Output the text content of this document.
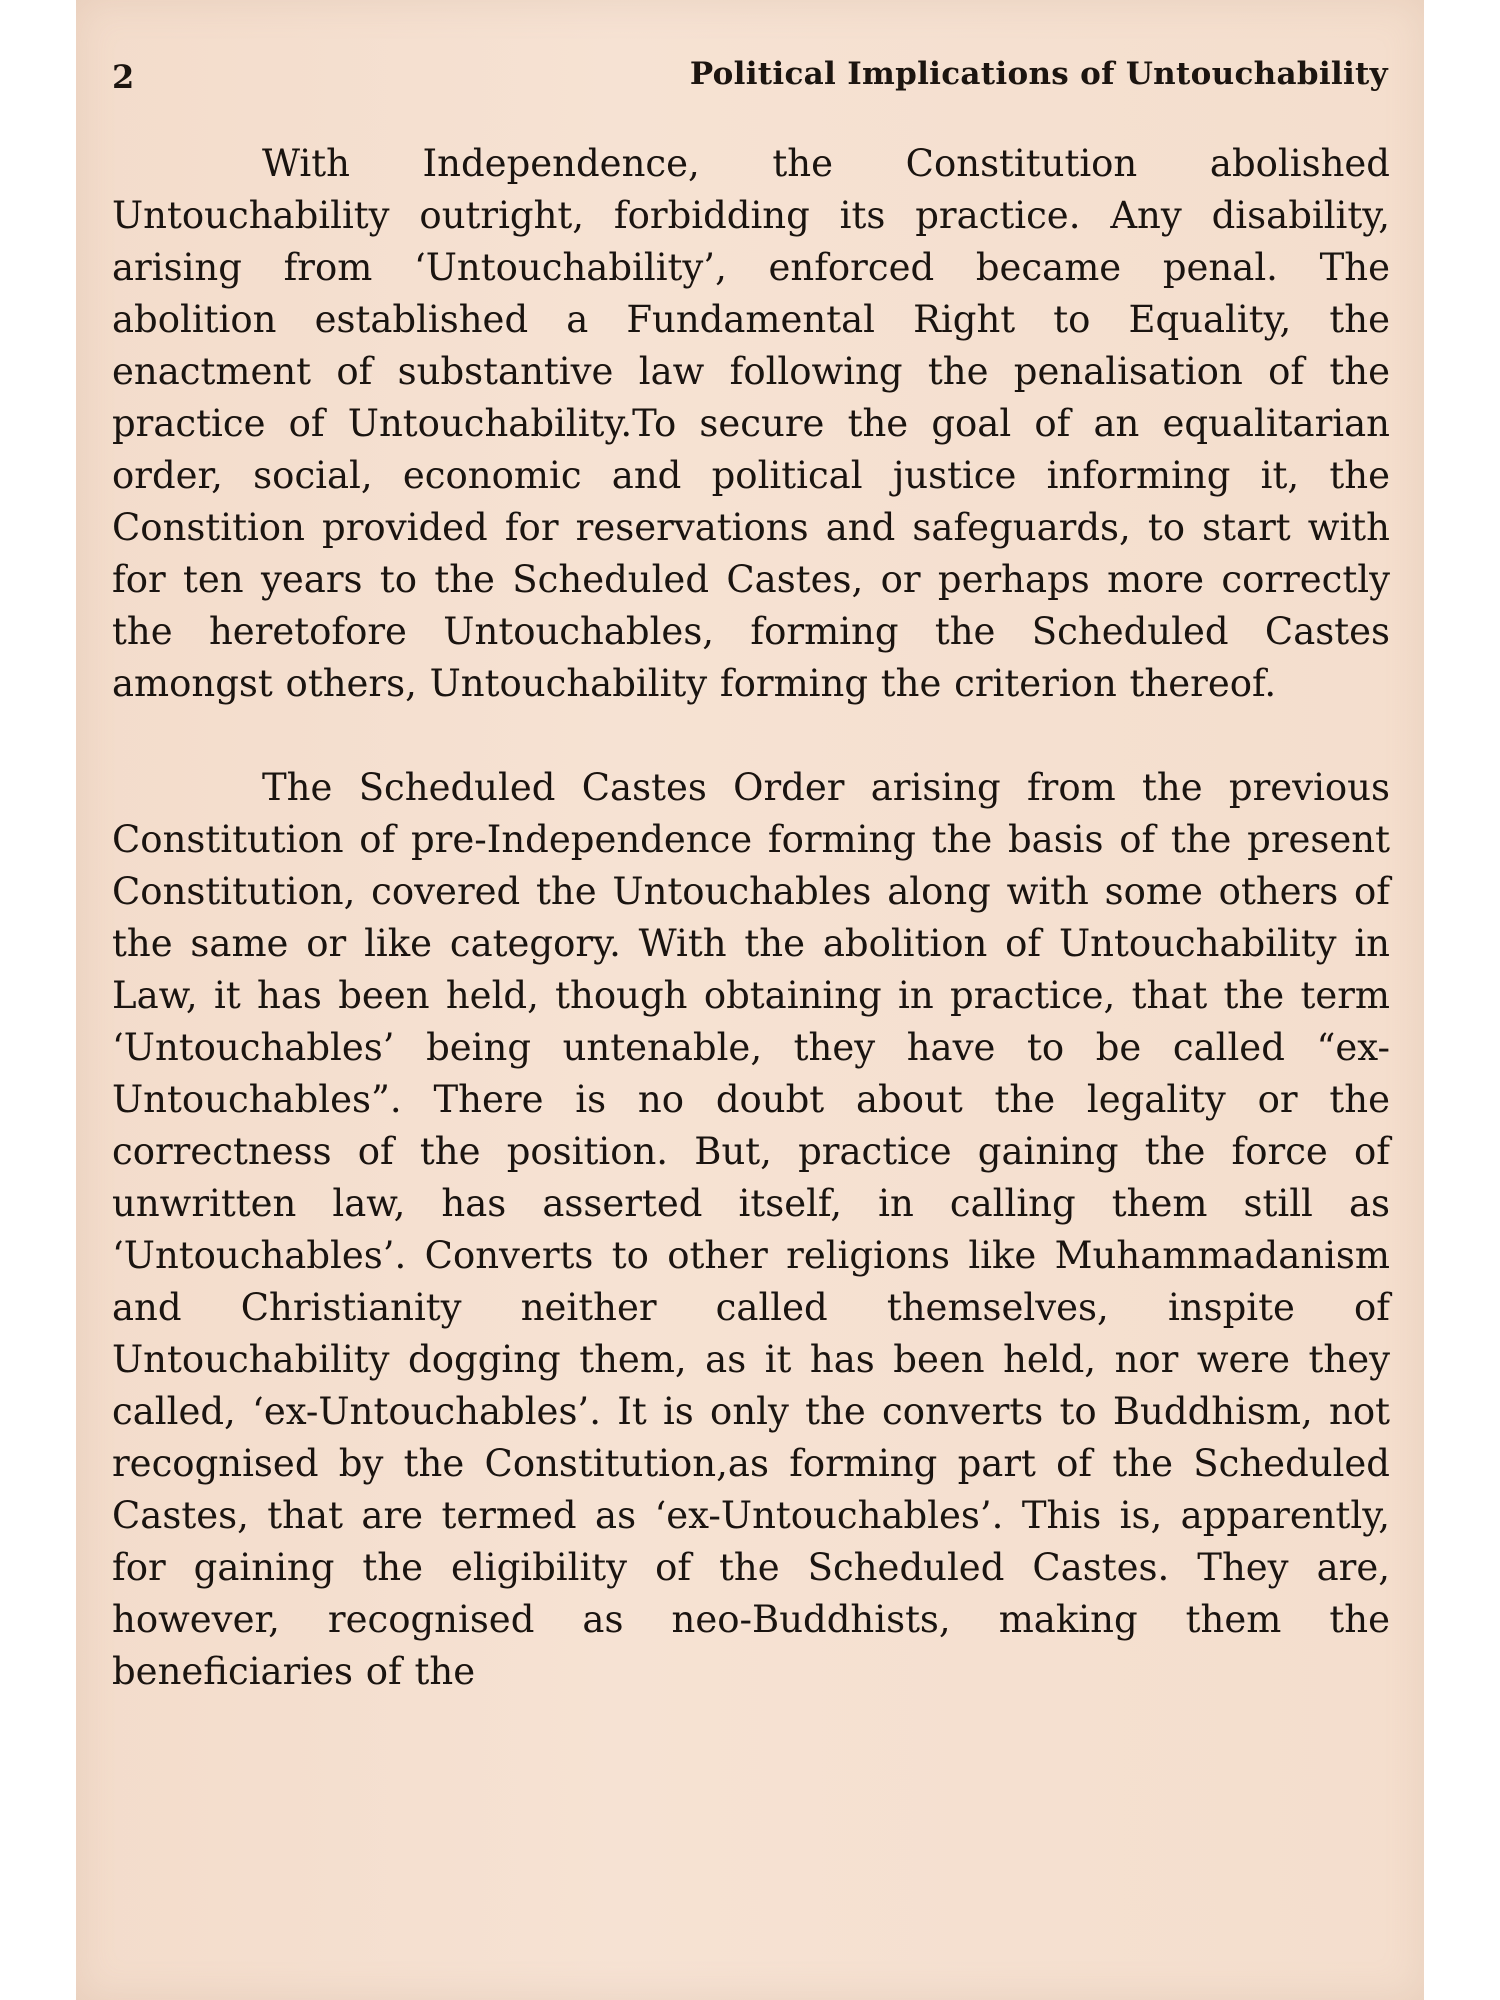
2	Political Implications of Untouchability

With Independence, the Constitution abolished Untouchability outright, forbidding its practice. Any disability, arising from ‘Untouchability’, enforced became penal. The abolition established a Fundamental Right to Equality, the enactment of substantive law following the penalisation of the practice of Untouchability.To secure the goal of an equalitarian order, social, economic and political justice informing it, the Constition provided for reservations and safeguards, to start with for ten years to the Scheduled Castes, or perhaps more correctly the heretofore Untouchables, forming the Scheduled Castes amongst others, Untouchability forming the criterion thereof.

The Scheduled Castes Order arising from the previous Constitution of pre-Independence forming the basis of the present Constitution, covered the Untouchables along with some others of the same or like category. With the abolition of Untouchability in Law, it has been held, though obtaining in practice, that the term ‘Untouchables’ being untenable, they have to be called “ex-Untouchables”. There is no doubt about the legality or the correctness of the position. But, practice gaining the force of unwritten law, has asserted itself, in calling them still as ‘Untouchables’. Converts to other religions like Muhammadanism and Christianity neither called themselves, inspite of Untouchability dogging them, as it has been held, nor were they called, ‘ex-Untouchables’. It is only the converts to Buddhism, not recognised by the Constitution,as forming part of the Scheduled Castes, that are termed as ‘ex-Untouchables’. This is, apparently, for gaining the eligibility of the Scheduled Castes. They are, however, recognised as neo-Buddhists, making them the beneficiaries of the
